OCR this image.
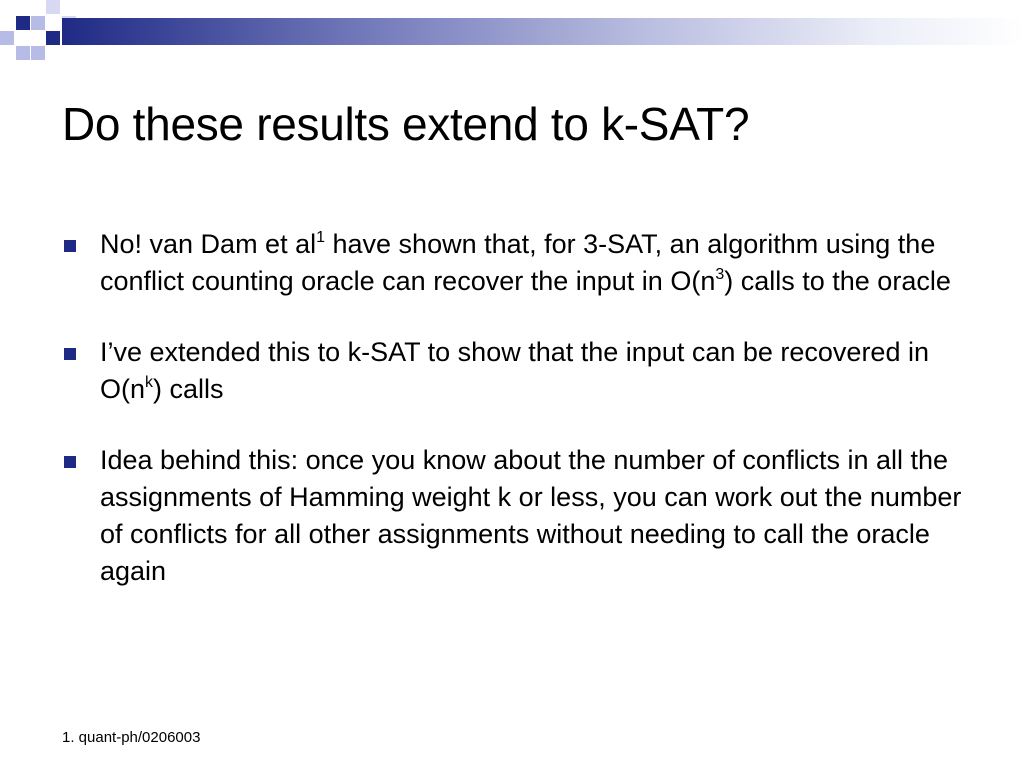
Do these results extend to k-SAT?
No! van Dam et $al^1$ have shown that, for 3-SAT, an algorithm using the conflict counting oracle can recover the input in $O(n^3)$ calls to the oracle
I’ve extended this to k-SAT to show that the input can be recovered in $O(n^k)$ calls
Idea behind this: once you know about the number of conflicts in all the assignments of Hamming weight k or less, you can work out the number of conflicts for all other assignments without needing to call the oracle again

1. quant-ph/0206003
